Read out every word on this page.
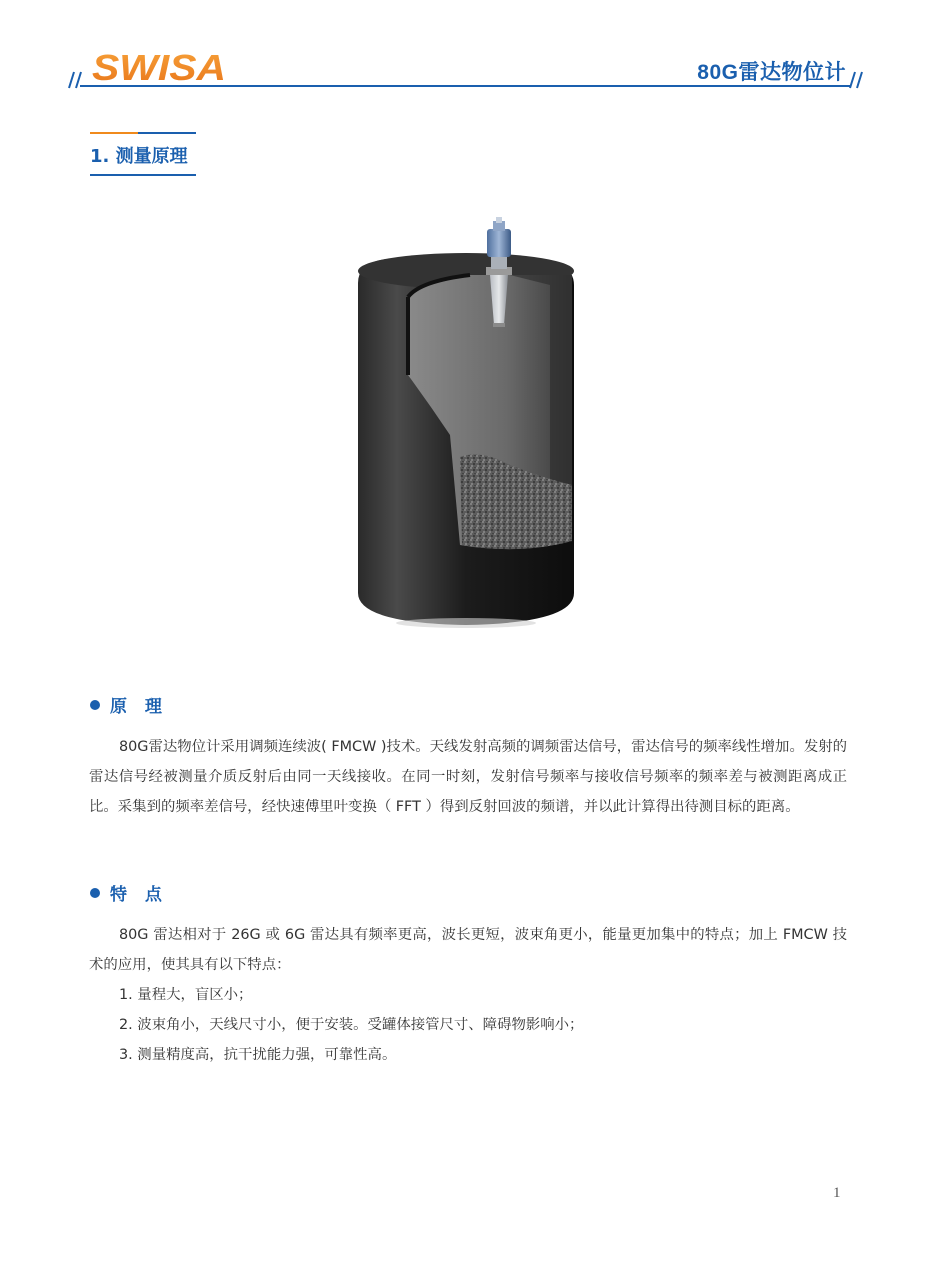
SWISA	80G雷达物位计
1. 测量原理
原 理
80G雷达物位计采用调频连续波( FMCW )技术。天线发射高频的调频雷达信号，雷达信号的频率线性增加。发射的雷达信号经被测量介质反射后由同一天线接收。在同一时刻，发射信号频率与接收信号频率的频率差与被测距离成正比。采集到的频率差信号，经快速傅里叶变换（ FFT ）得到反射回波的频谱，并以此计算得出待测目标的距离。
特 点
80G 雷达相对于 26G 或 6G 雷达具有频率更高，波长更短，波束角更小，能量更加集中的特点；加上 FMCW 技术的应用，使其具有以下特点：
1. 量程大，盲区小；
2. 波束角小，天线尺寸小，便于安装。受罐体接管尺寸、障碍物影响小；
3. 测量精度高，抗干扰能力强，可靠性高。
1
